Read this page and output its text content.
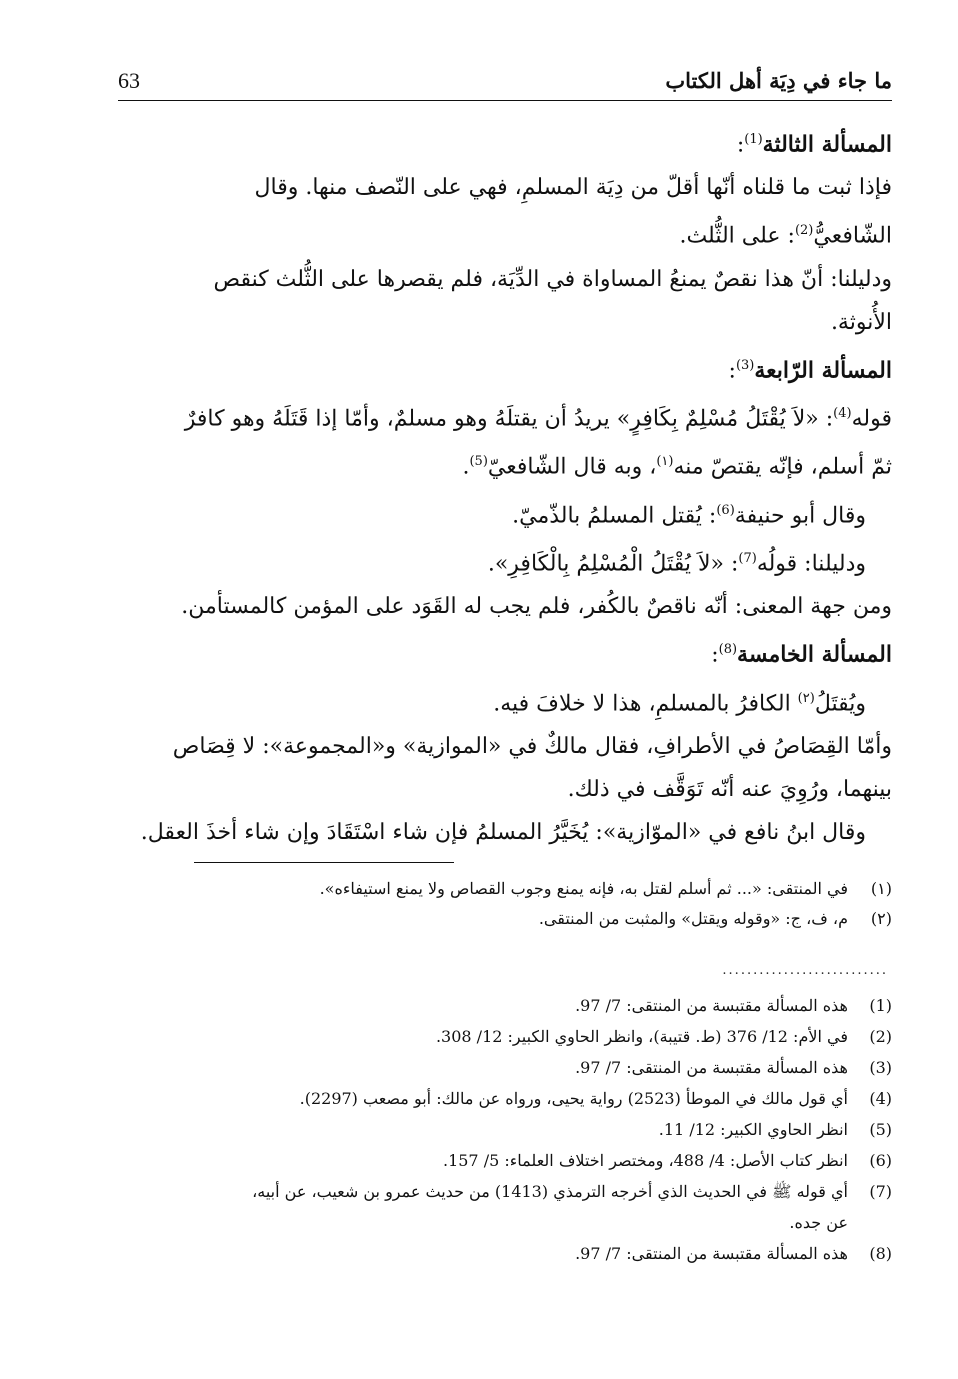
63	ما جاء في دِيَة أهل الكتاب
المسألة الثالثة$^{(1)}$:
فإذا ثبت ما قلناه أنّها أقلّ من دِيَة المسلمِ، فهي على النّصف منها. وقال
الشّافعيُّ$^{(2)}$: على الثُّلث.
ودليلنا: أنّ هذا نقصٌ يمنعُ المساواة في الدِّيَة، فلم يقصرها على الثُّلث كنقص
الأُنوثة.
المسألة الرّابعة$^{(3)}$:
قوله$^{(4)}$: «لاَ يُقْتَلُ مُسْلِمٌ بِكَافِرٍ» يريدُ أن يقتلَهُ وهو مسلمٌ، وأمّا إذا قَتَلَهُ وهو كافرٌ
ثمّ أسلم، فإنّه يقتصّ منه$^{(١)}$، وبه قال الشّافعيّ$^{(5)}$.
وقال أبو حنيفة$^{(6)}$: يُقتل المسلمُ بالذّميّ.
ودليلنا: قولُه$^{(7)}$: «لاَ يُقْتَلُ الْمُسْلِمُ بِالْكَافِرِ».
ومن جهة المعنى: أنّه ناقصٌ بالكُفر، فلم يجب له القَوَد على المؤمن كالمستأمن.
المسألة الخامسة$^{(8)}$:
ويُقتَلُ$^{(٢)}$ الكافرُ بالمسلمِ، هذا لا خلافَ فيه.
وأمّا القِصَاصُ في الأطرافِ، فقال مالكٌ في «الموازية» و«المجموعة»: لا قِصَاص
بينهما، ورُوِيَ عنه أنّه تَوَقَّف في ذلك.
وقال ابنُ نافع في «الموّازية»: يُخَيَّرُ المسلمُ فإن شاء اسْتَقَادَ وإن شاء أخذَ العقل.
(١)في المنتقى: «... ثم أسلم لقتل به، فإنه يمنع وجوب القصاص ولا يمنع استيفاءه».
(٢)م، ف، ج: «وقوله ويقتل» والمثبت من المنتقى.
...........................
(1)هذه المسألة مقتبسة من المنتقى: 7/ 97.
(2)في الأم: 12/ 376 (ط. قتيبة)، وانظر الحاوي الكبير: 12/ 308.
(3)هذه المسألة مقتبسة من المنتقى: 7/ 97.
(4)أي قول مالك في الموطأ (2523) رواية يحيى، ورواه عن مالك: أبو مصعب (2297).
(5)انظر الحاوي الكبير: 12/ 11.
(6)انظر كتاب الأصل: 4/ 488، ومختصر اختلاف العلماء: 5/ 157.
(7)أي قوله ﷺ في الحديث الذي أخرجه الترمذي (1413) من حديث عمرو بن شعيب، عن أبيه،
عن جده.
(8)هذه المسألة مقتبسة من المنتقى: 7/ 97.
